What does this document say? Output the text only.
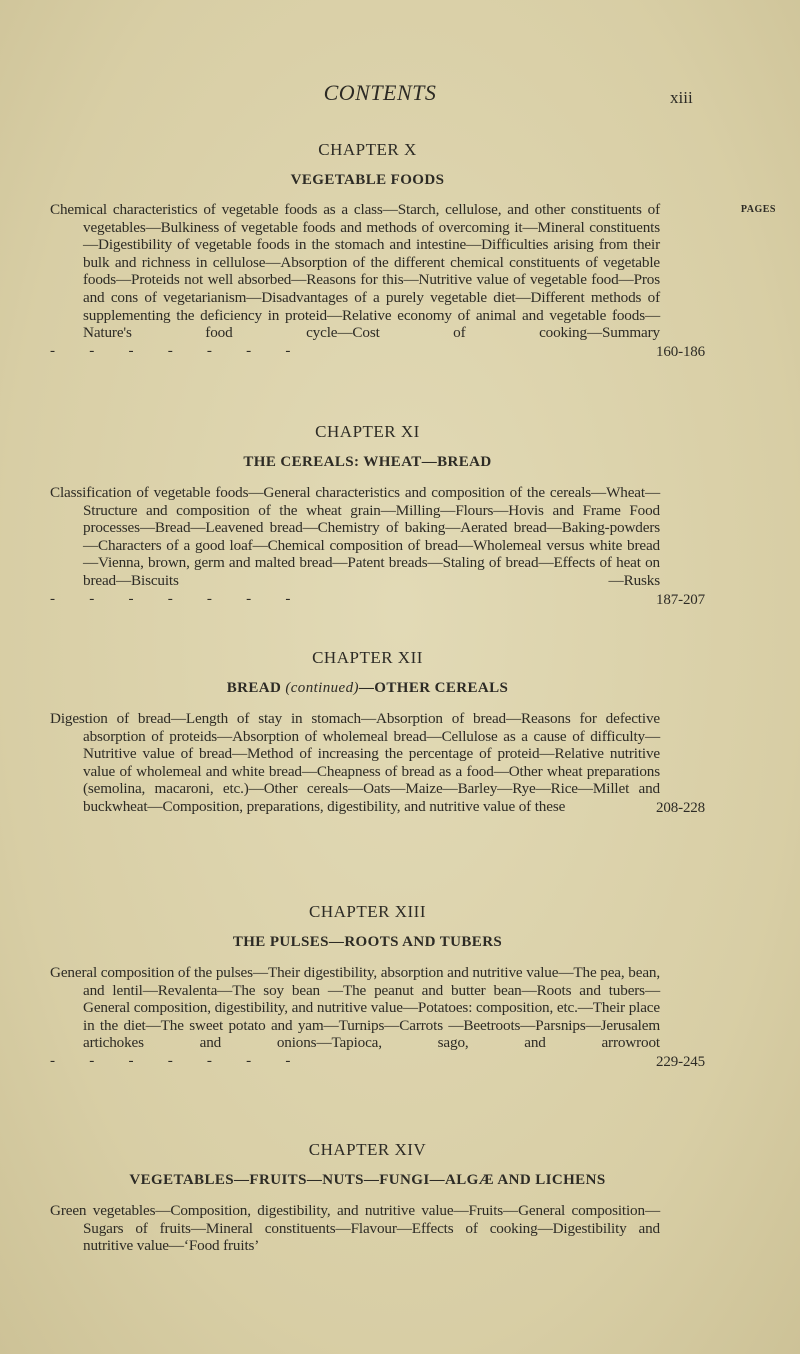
CONTENTS	xiii
CHAPTER X
VEGETABLE FOODS
PAGES
Chemical characteristics of vegetable foods as a class—Starch, cellulose, and other constituents of vegetables—Bulkiness of vegetable foods and methods of overcoming it—Mineral constituents—Digestibility of vegetable foods in the stomach and intestine—Difficulties arising from their bulk and richness in cellulose—Absorption of the different chemical constituents of vegetable foods—Proteids not well absorbed—Reasons for this—Nutritive value of vegetable food—Pros and cons of vegetarianism—Disadvantages of a purely vegetable diet—Different methods of supplementing the deficiency in proteid—Relative economy of animal and vegetable foods—Nature's food cycle—Cost of cooking—Summary -
160-186
CHAPTER XI
THE CEREALS: WHEAT—BREAD
Classification of vegetable foods—General characteristics and composition of the cereals—Wheat—Structure and composition of the wheat grain—Milling—Flours—Hovis and Frame Food processes—Bread—Leavened bread—Chemistry of baking—Aerated bread—Baking-powders—Characters of a good loaf—Chemical composition of bread—Wholemeal versus white bread—Vienna, brown, germ and malted bread—Patent breads—Staling of bread—Effects of heat on bread—Biscuits —Rusks -
187-207
CHAPTER XII
BREAD (continued)—OTHER CEREALS
Digestion of bread—Length of stay in stomach—Absorption of bread—Reasons for defective absorption of proteids—Absorption of wholemeal bread—Cellulose as a cause of difficulty—Nutritive value of bread—Method of increasing the percentage of proteid—Relative nutritive value of wholemeal and white bread—Cheapness of bread as a food—Other wheat preparations (semolina, macaroni, etc.)—Other cereals—Oats—Maize—Barley—Rye—Rice—Millet and buckwheat—Composition, preparations, digestibility, and nutritive value of these	208-228
CHAPTER XIII
THE PULSES—ROOTS AND TUBERS
General composition of the pulses—Their digestibility, absorption and nutritive value—The pea, bean, and lentil—Revalenta—The soy bean —The peanut and butter bean—Roots and tubers—General composition, digestibility, and nutritive value—Potatoes: composition, etc.—Their place in the diet—The sweet potato and yam—Turnips—Carrots —Beetroots—Parsnips—Jerusalem artichokes and onions—Tapioca, sago, and arrowroot -
229-245
CHAPTER XIV
VEGETABLES—FRUITS—NUTS—FUNGI—ALGÆ AND LICHENS
Green vegetables—Composition, digestibility, and nutritive value—Fruits—General composition—Sugars of fruits—Mineral constituents—Flavour—Effects of cooking—Digestibility and nutritive value—‘Food fruits’
